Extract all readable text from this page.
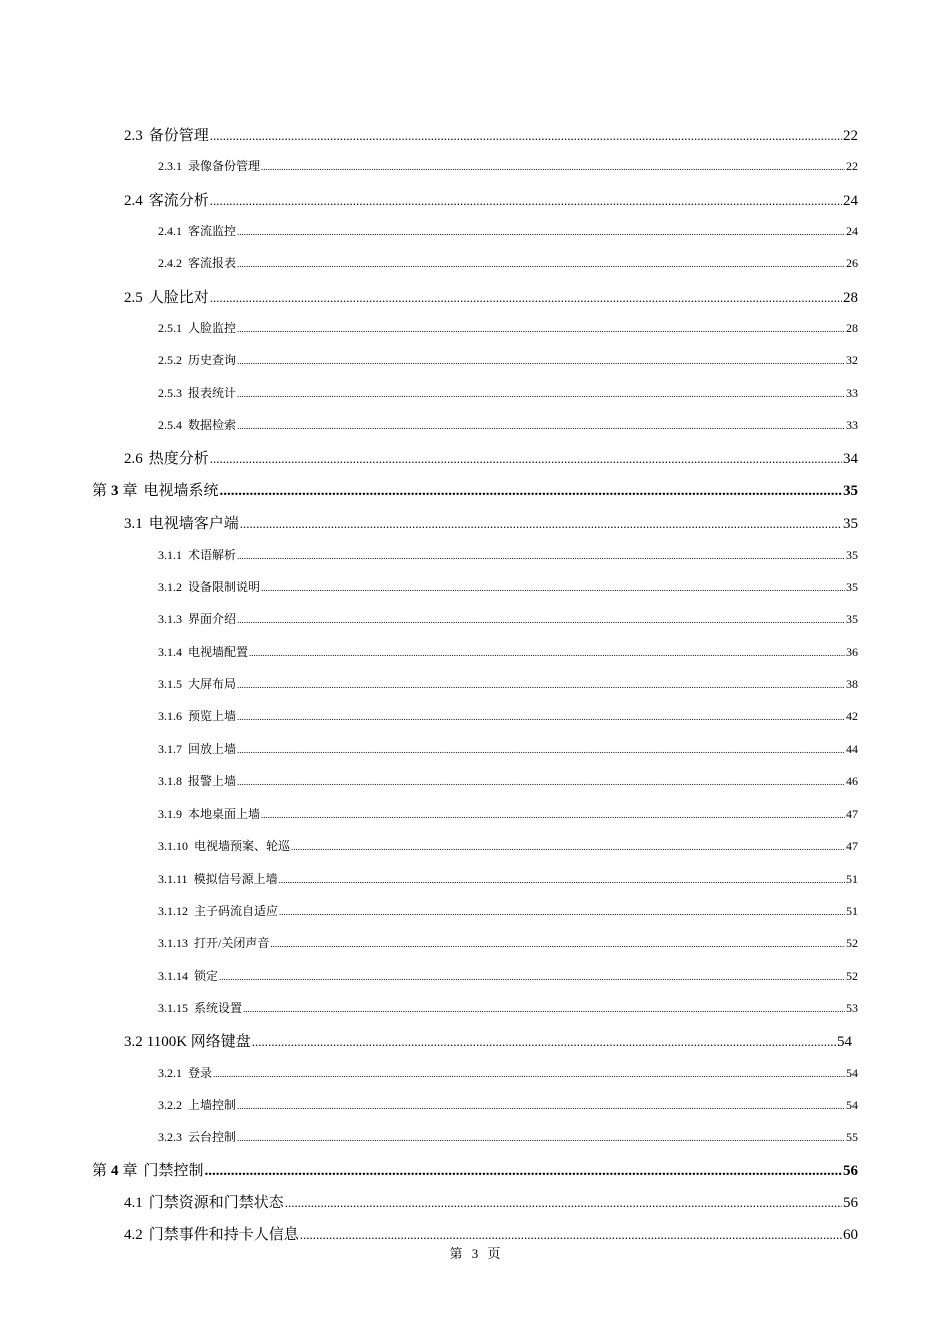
2.3 备份管理 .....	22
2.3.1 录像备份管理 .....	22
2.4 客流分析 .....	24
2.4.1 客流监控 .....	24
2.4.2 客流报表 .....	26
2.5 人脸比对 .....	28
2.5.1 人脸监控 .....	28
2.5.2 历史查询 .....	32
2.5.3 报表统计 .....	33
2.5.4 数据检索 .....	33
2.6 热度分析 .....	34
第 3 章 电视墙系统 .....	35
3.1 电视墙客户端 .....	35
3.1.1 术语解析 .....	35
3.1.2 设备限制说明 .....	35
3.1.3 界面介绍 .....	35
3.1.4 电视墙配置 .....	36
3.1.5 大屏布局 .....	38
3.1.6 预览上墙 .....	42
3.1.7 回放上墙 .....	44
3.1.8 报警上墙 .....	46
3.1.9 本地桌面上墙 .....	47
3.1.10 电视墙预案、轮巡 .....	47
3.1.11 模拟信号源上墙 .....	51
3.1.12 主子码流自适应 .....	51
3.1.13 打开/关闭声音 .....	52
3.1.14 锁定 .....	52
3.1.15 系统设置 .....	53
3.2 1100K 网络键盘 .....	54
3.2.1 登录 .....	54
3.2.2 上墙控制 .....	54
3.2.3 云台控制 .....	55
第 4 章 门禁控制 .....	56
4.1 门禁资源和门禁状态 .....	56
4.2 门禁事件和持卡人信息 .....	60
第 3 页
